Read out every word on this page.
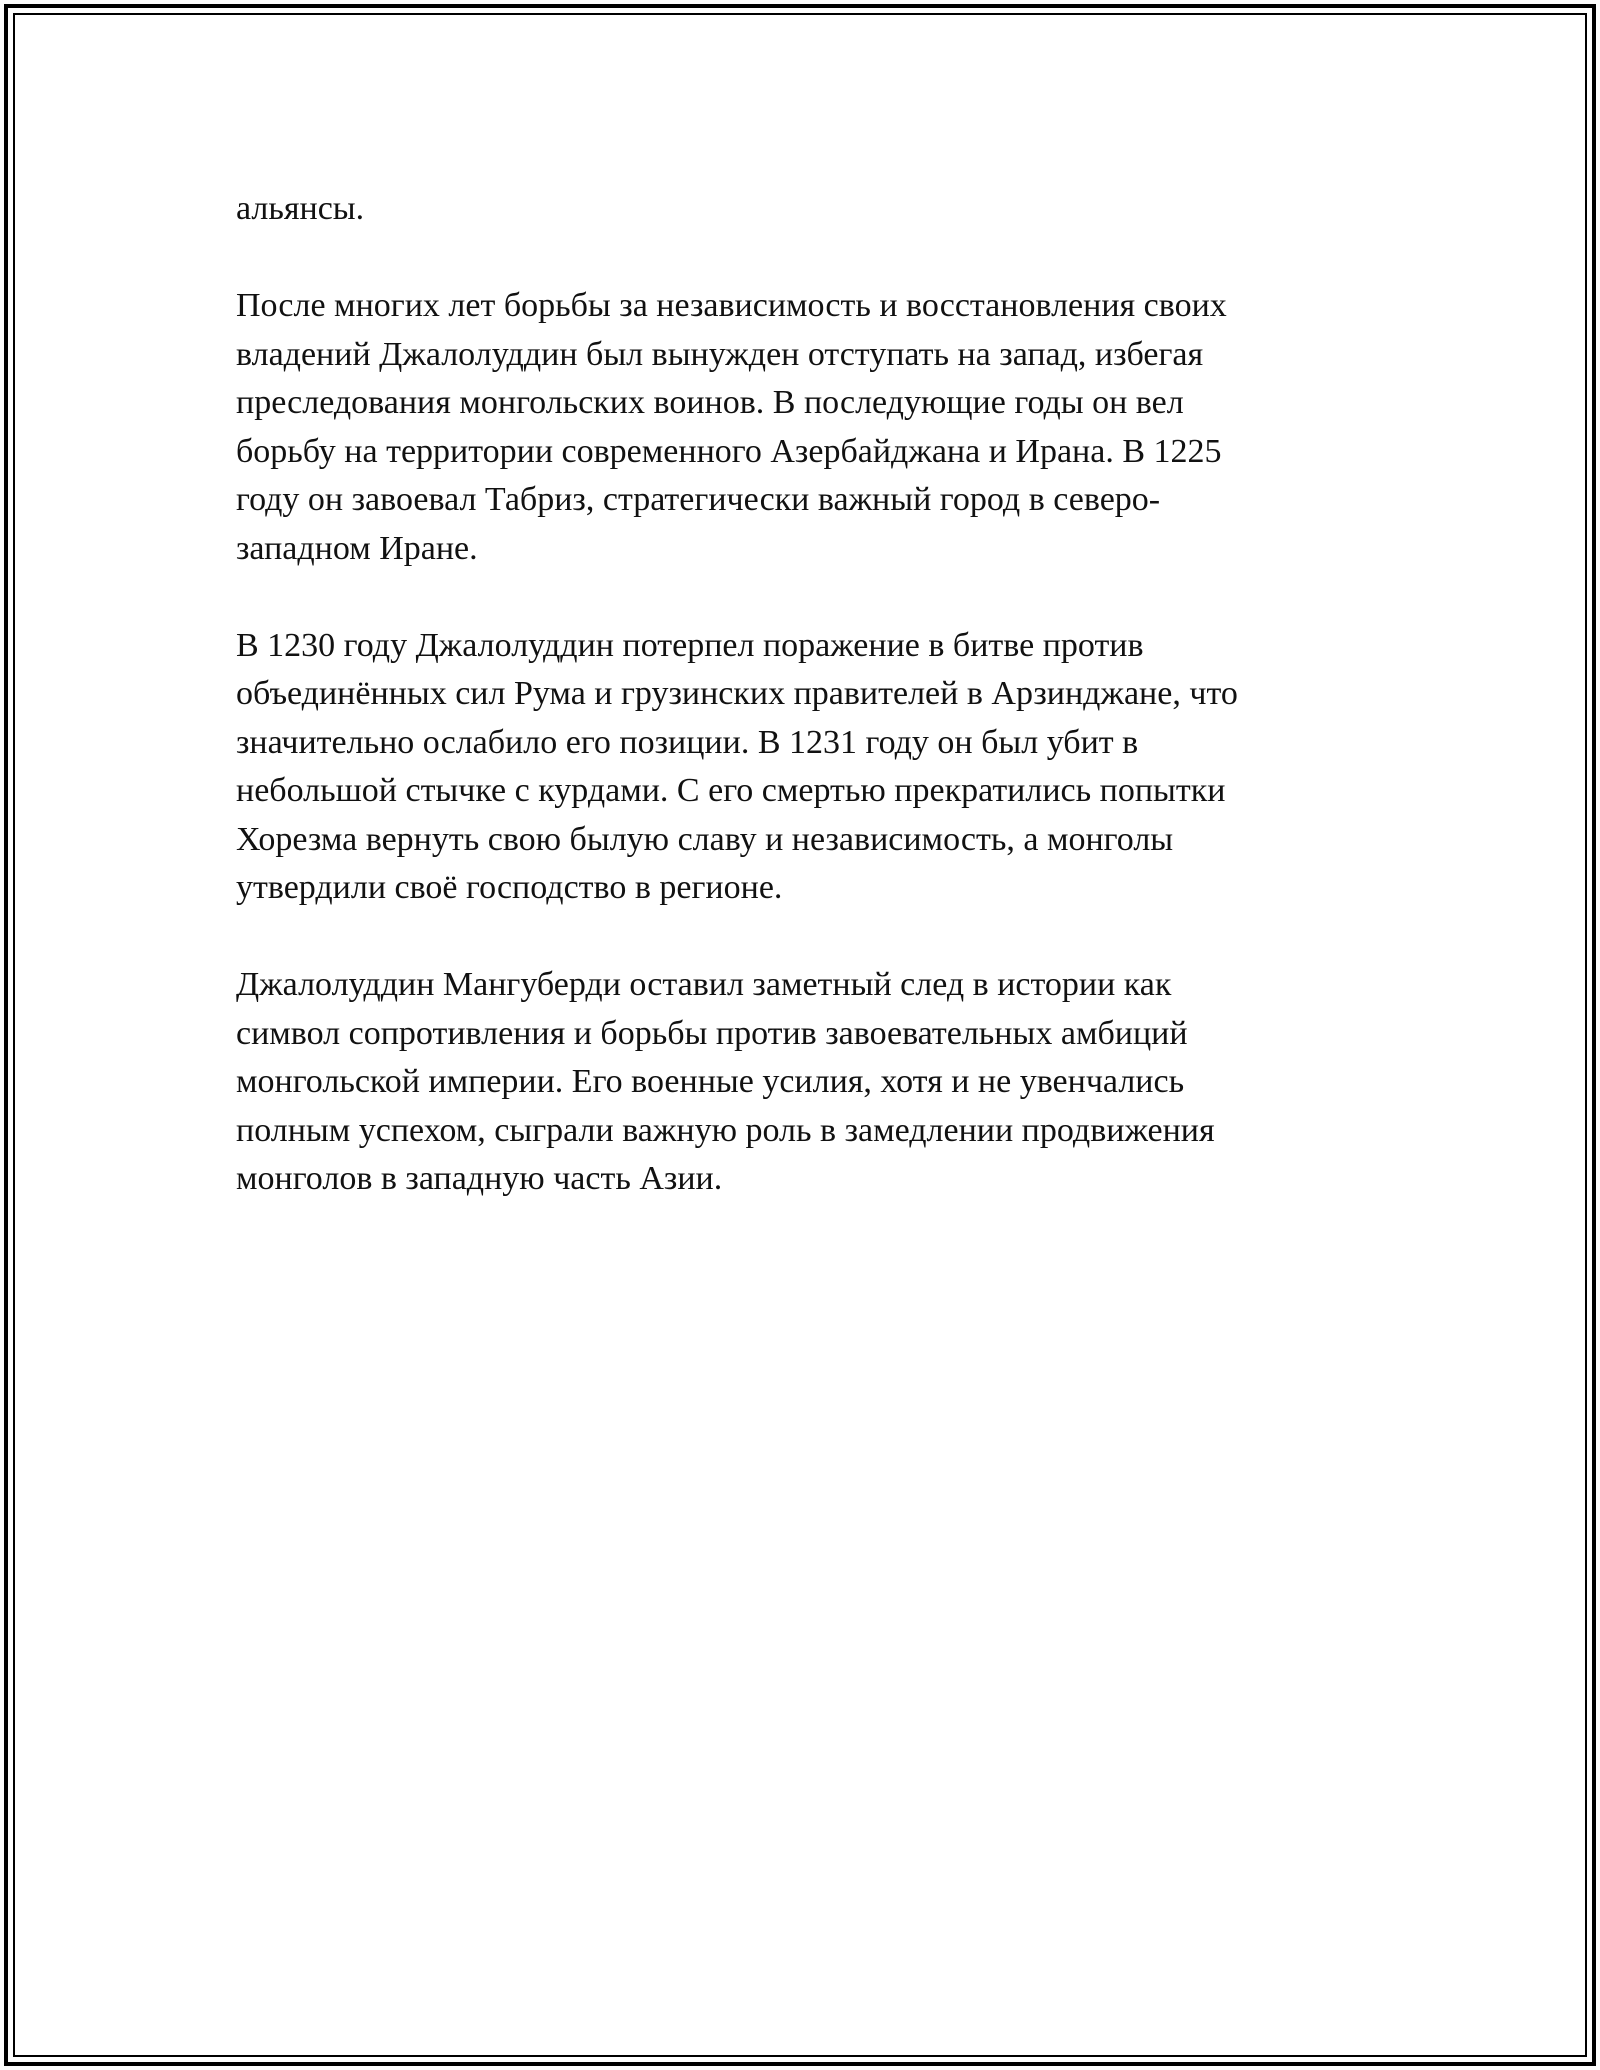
альянсы.

После многих лет борьбы за независимость и восстановления своих
владений Джалолуддин был вынужден отступать на запад, избегая
преследования монгольских воинов. В последующие годы он вел
борьбу на территории современного Азербайджана и Ирана. В 1225
году он завоевал Табриз, стратегически важный город в северо-
западном Иране.

В 1230 году Джалолуддин потерпел поражение в битве против
объединённых сил Рума и грузинских правителей в Арзинджане, что
значительно ослабило его позиции. В 1231 году он был убит в
небольшой стычке с курдами. С его смертью прекратились попытки
Хорезма вернуть свою былую славу и независимость, а монголы
утвердили своё господство в регионе.

Джалолуддин Мангуберди оставил заметный след в истории как
символ сопротивления и борьбы против завоевательных амбиций
монгольской империи. Его военные усилия, хотя и не увенчались
полным успехом, сыграли важную роль в замедлении продвижения
монголов в западную часть Азии.
